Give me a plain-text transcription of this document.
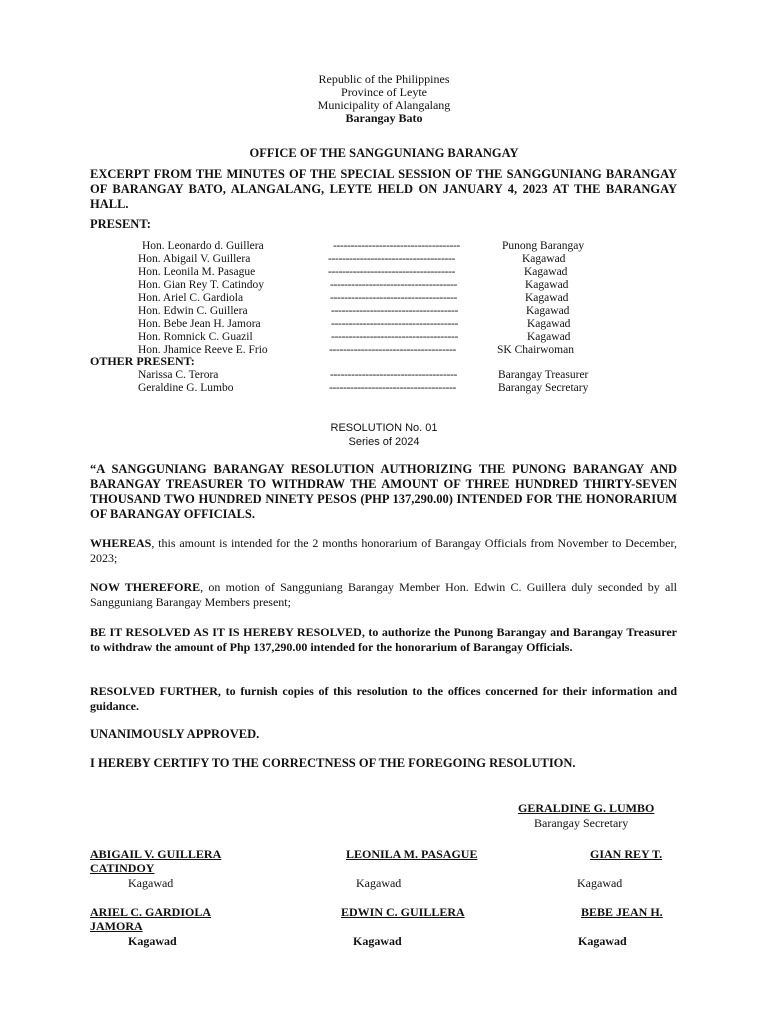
Republic of the Philippines
Province of Leyte
Municipality of Alangalang
Barangay Bato
OFFICE OF THE SANGGUNIANG BARANGAY
EXCERPT FROM THE MINUTES OF THE SPECIAL SESSION OF THE SANGGUNIANG BARANGAY OF BARANGAY BATO, ALANGALANG, LEYTE HELD ON JANUARY 4, 2023 AT THE BARANGAY HALL.
PRESENT:
Hon. Leonardo d. Guillera	------------------------------------	Punong Barangay
Hon. Abigail V. Guillera	------------------------------------	Kagawad
Hon. Leonila M. Pasague	------------------------------------	Kagawad
Hon. Gian Rey T. Catindoy	------------------------------------	Kagawad
Hon. Ariel C. Gardiola	------------------------------------	Kagawad
Hon. Edwin C. Guillera	------------------------------------	Kagawad
Hon. Bebe Jean H. Jamora	------------------------------------	Kagawad
Hon. Romnick C. Guazil	------------------------------------	Kagawad
Hon. Jhamice Reeve E. Frio	------------------------------------	SK Chairwoman
OTHER PRESENT:
Narissa C. Terora	------------------------------------	Barangay Treasurer
Geraldine G. Lumbo	------------------------------------	Barangay Secretary
RESOLUTION No. 01
Series of 2024
“A SANGGUNIANG BARANGAY RESOLUTION AUTHORIZING THE PUNONG BARANGAY AND BARANGAY TREASURER TO WITHDRAW THE AMOUNT OF THREE HUNDRED THIRTY-SEVEN THOUSAND TWO HUNDRED NINETY PESOS (PHP 137,290.00) INTENDED FOR THE HONORARIUM OF BARANGAY OFFICIALS.
WHEREAS, this amount is intended for the 2 months honorarium of Barangay Officials from November to December, 2023;
NOW THEREFORE, on motion of Sangguniang Barangay Member Hon. Edwin C. Guillera duly seconded by all Sangguniang Barangay Members present;
BE IT RESOLVED AS IT IS HEREBY RESOLVED, to authorize the Punong Barangay and Barangay Treasurer to withdraw the amount of Php 137,290.00 intended for the honorarium of Barangay Officials.
RESOLVED FURTHER, to furnish copies of this resolution to the offices concerned for their information and guidance.
UNANIMOUSLY APPROVED.
I HEREBY CERTIFY TO THE CORRECTNESS OF THE FOREGOING RESOLUTION.
GERALDINE G. LUMBO
Barangay Secretary
ABIGAIL V. GUILLERA	LEONILA M. PASAGUE	GIAN REY T.
CATINDOY
Kagawad	Kagawad	Kagawad
ARIEL C. GARDIOLA	EDWIN C. GUILLERA	BEBE JEAN H.
JAMORA
Kagawad	Kagawad	Kagawad
